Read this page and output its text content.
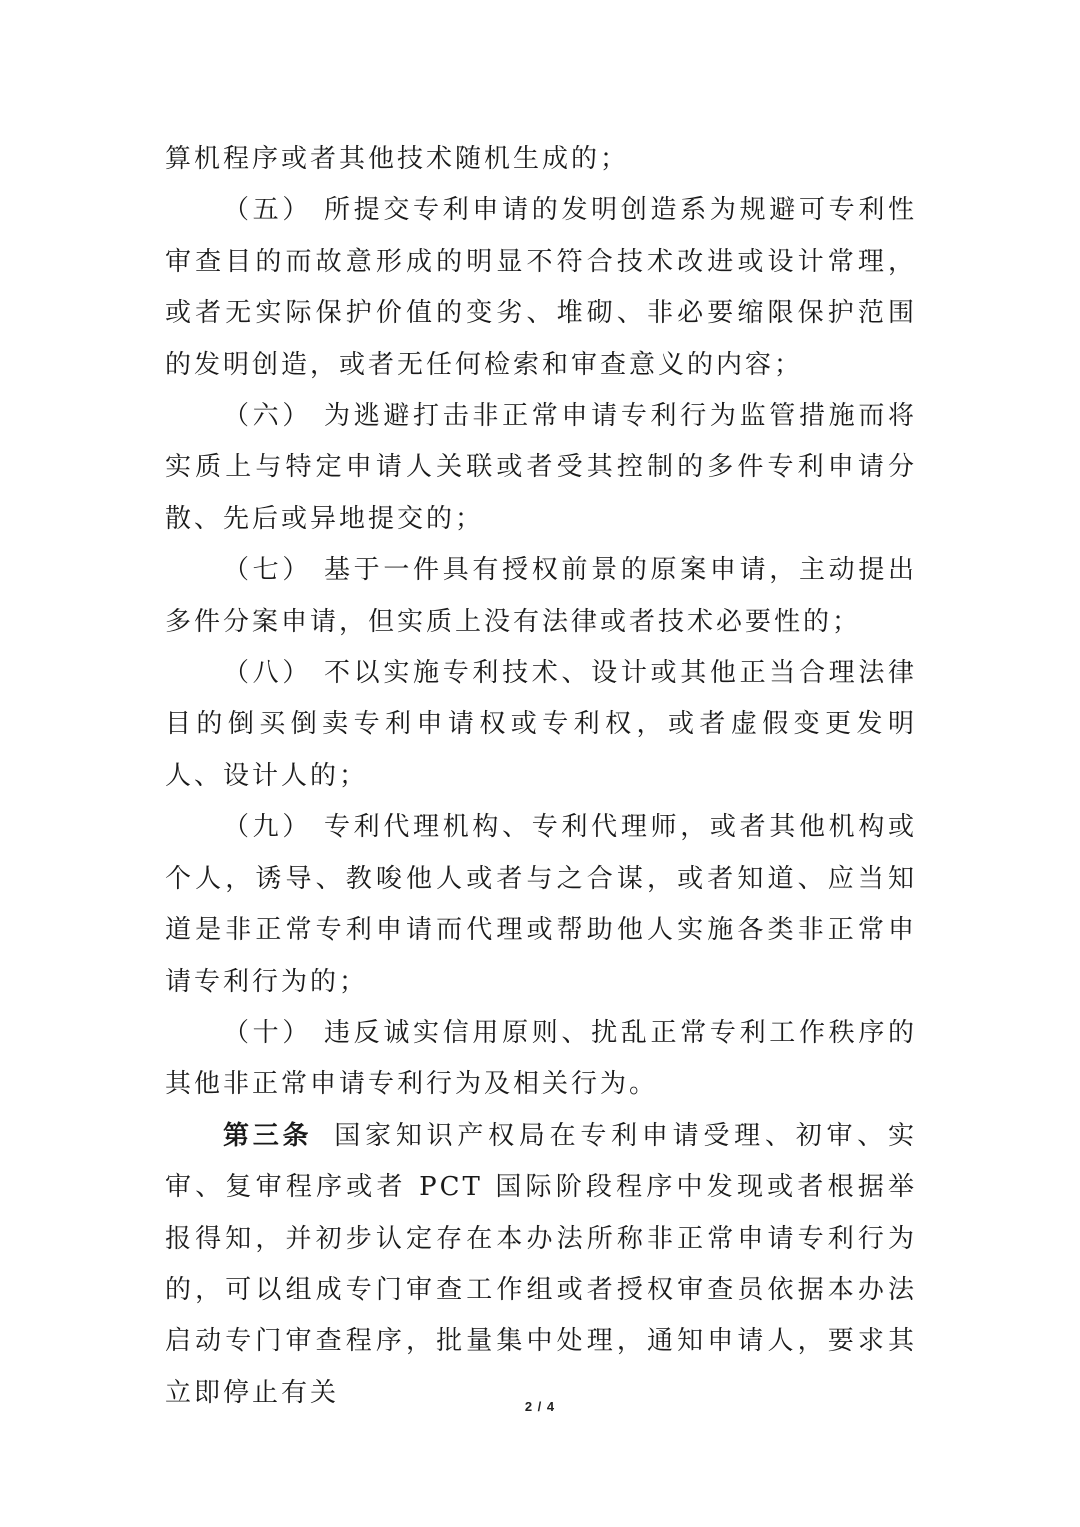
算机程序或者其他技术随机生成的；

（五） 所提交专利申请的发明创造系为规避可专利性审查目的而故意形成的明显不符合技术改进或设计常理，或者无实际保护价值的变劣、堆砌、非必要缩限保护范围的发明创造，或者无任何检索和审查意义的内容；

（六） 为逃避打击非正常申请专利行为监管措施而将实质上与特定申请人关联或者受其控制的多件专利申请分散、先后或异地提交的；

（七） 基于一件具有授权前景的原案申请，主动提出多件分案申请，但实质上没有法律或者技术必要性的；

（八） 不以实施专利技术、设计或其他正当合理法律目的倒买倒卖专利申请权或专利权，或者虚假变更发明人、设计人的；

（九） 专利代理机构、专利代理师，或者其他机构或个人，诱导、教唆他人或者与之合谋，或者知道、应当知道是非正常专利申请而代理或帮助他人实施各类非正常申请专利行为的；

（十） 违反诚实信用原则、扰乱正常专利工作秩序的其他非正常申请专利行为及相关行为。

第三条 国家知识产权局在专利申请受理、初审、实审、复审程序或者 PCT 国际阶段程序中发现或者根据举报得知，并初步认定存在本办法所称非正常申请专利行为的，可以组成专门审查工作组或者授权审查员依据本办法启动专门审查程序，批量集中处理，通知申请人，要求其立即停止有关	2 / 4
